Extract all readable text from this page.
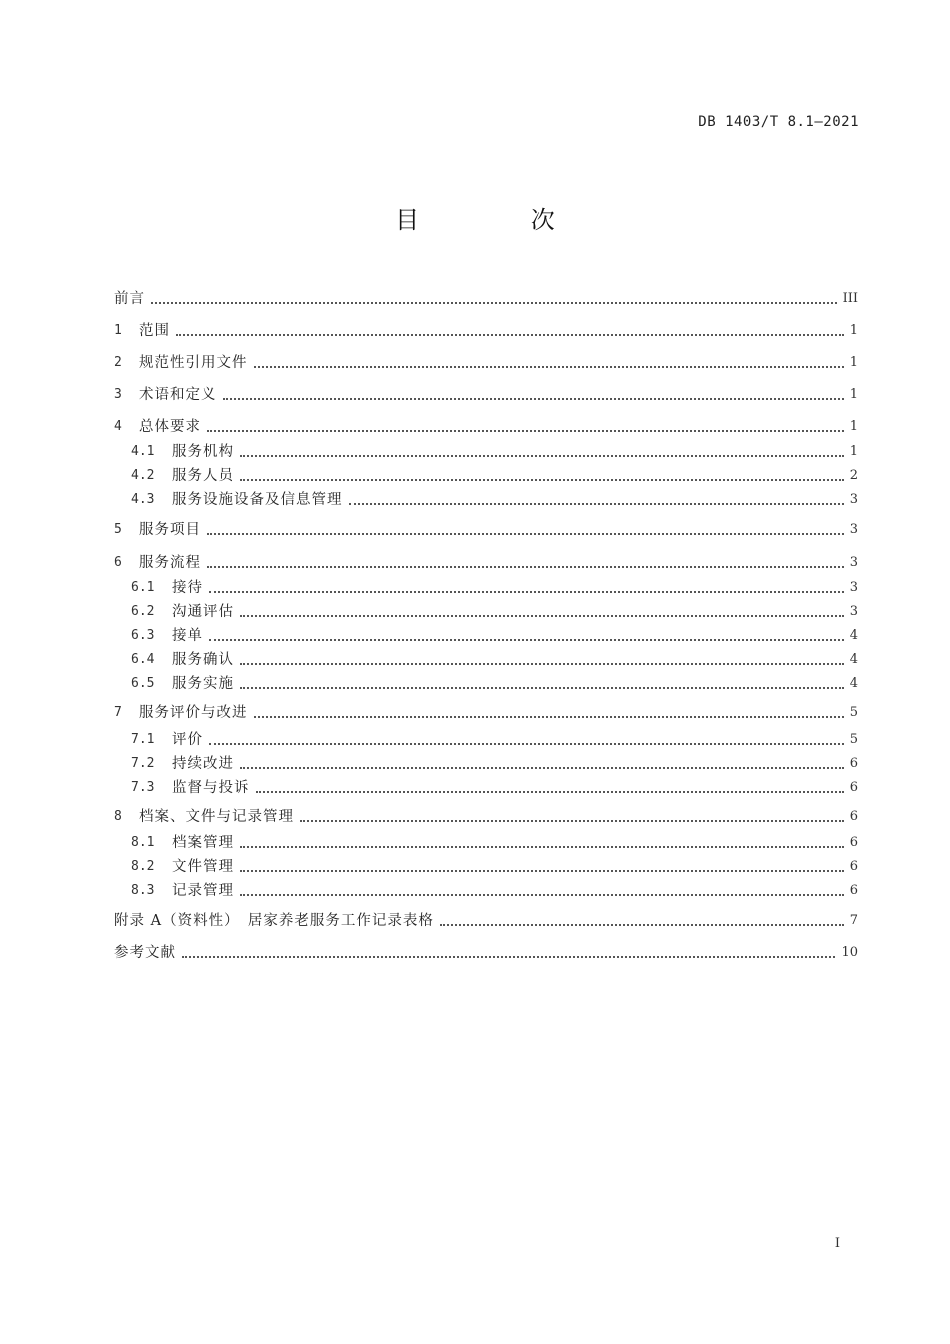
DB 1403/T 8.1—2021
目 次
前言	III
1	范围	1
2	规范性引用文件	1
3	术语和定义	1
4	总体要求	1
4.1	服务机构	1
4.2	服务人员	2
4.3	服务设施设备及信息管理	3
5	服务项目	3
6	服务流程	3
6.1	接待	3
6.2	沟通评估	3
6.3	接单	4
6.4	服务确认	4
6.5	服务实施	4
7	服务评价与改进	5
7.1	评价	5
7.2	持续改进	6
7.3	监督与投诉	6
8	档案、文件与记录管理	6
8.1	档案管理	6
8.2	文件管理	6
8.3	记录管理	6
附录 A（资料性）　居家养老服务工作记录表格	7
参考文献	10
I
